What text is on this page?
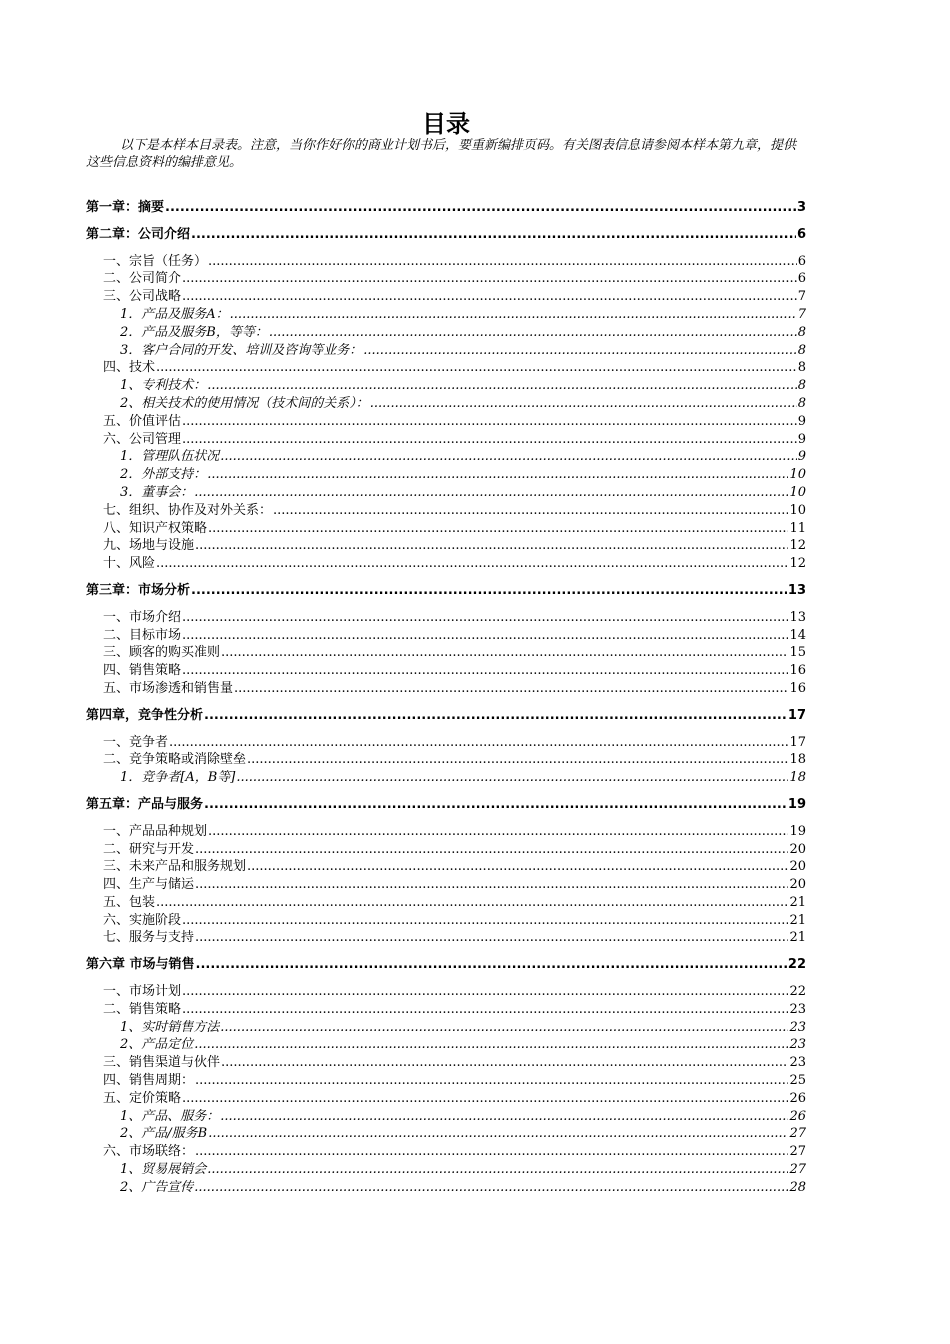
目录
以下是本样本目录表。注意，当你作好你的商业计划书后，要重新编排页码。有关图表信息请参阅本样本第九章，提供这些信息资料的编排意见。
第一章：摘要 .....	3
第二章：公司介绍 .....	6
一、宗旨（任务） .....	6
二、公司简介 .....	6
三、公司战略 .....	7
1．产品及服务A： .....	7
2．产品及服务B，等等： .....	8
3．客户合同的开发、培训及咨询等业务： .....	8
四、技术 .....	8
1、专利技术： .....	8
2、相关技术的使用情况（技术间的关系）： .....	8
五、价值评估 .....	9
六、公司管理 .....	9
1．管理队伍状况 .....	9
2．外部支持： .....	10
3．董事会： .....	10
七、组织、协作及对外关系： .....	10
八、知识产权策略 .....	11
九、场地与设施 .....	12
十、风险 .....	12
第三章：市场分析 .....	13
一、市场介绍 .....	13
二、目标市场 .....	14
三、顾客的购买准则 .....	15
四、销售策略 .....	16
五、市场渗透和销售量 .....	16
第四章，竞争性分析 .....	17
一、竞争者 .....	17
二、竞争策略或消除壁垒 .....	18
1．竞争者[A，B等] .....	18
第五章：产品与服务 .....	19
一、产品品种规划 .....	19
二、研究与开发 .....	20
三、未来产品和服务规划 .....	20
四、生产与储运 .....	20
五、包装 .....	21
六、实施阶段 .....	21
七、服务与支持 .....	21
第六章 市场与销售 .....	22
一、市场计划 .....	22
二、销售策略 .....	23
1、实时销售方法 .....	23
2、产品定位 .....	23
三、销售渠道与伙伴 .....	23
四、销售周期： .....	25
五、定价策略 .....	26
1、产品、服务： .....	26
2、产品/服务B .....	27
六、市场联络： .....	27
1、贸易展销会 .....	27
2、广告宣传 .....	28
